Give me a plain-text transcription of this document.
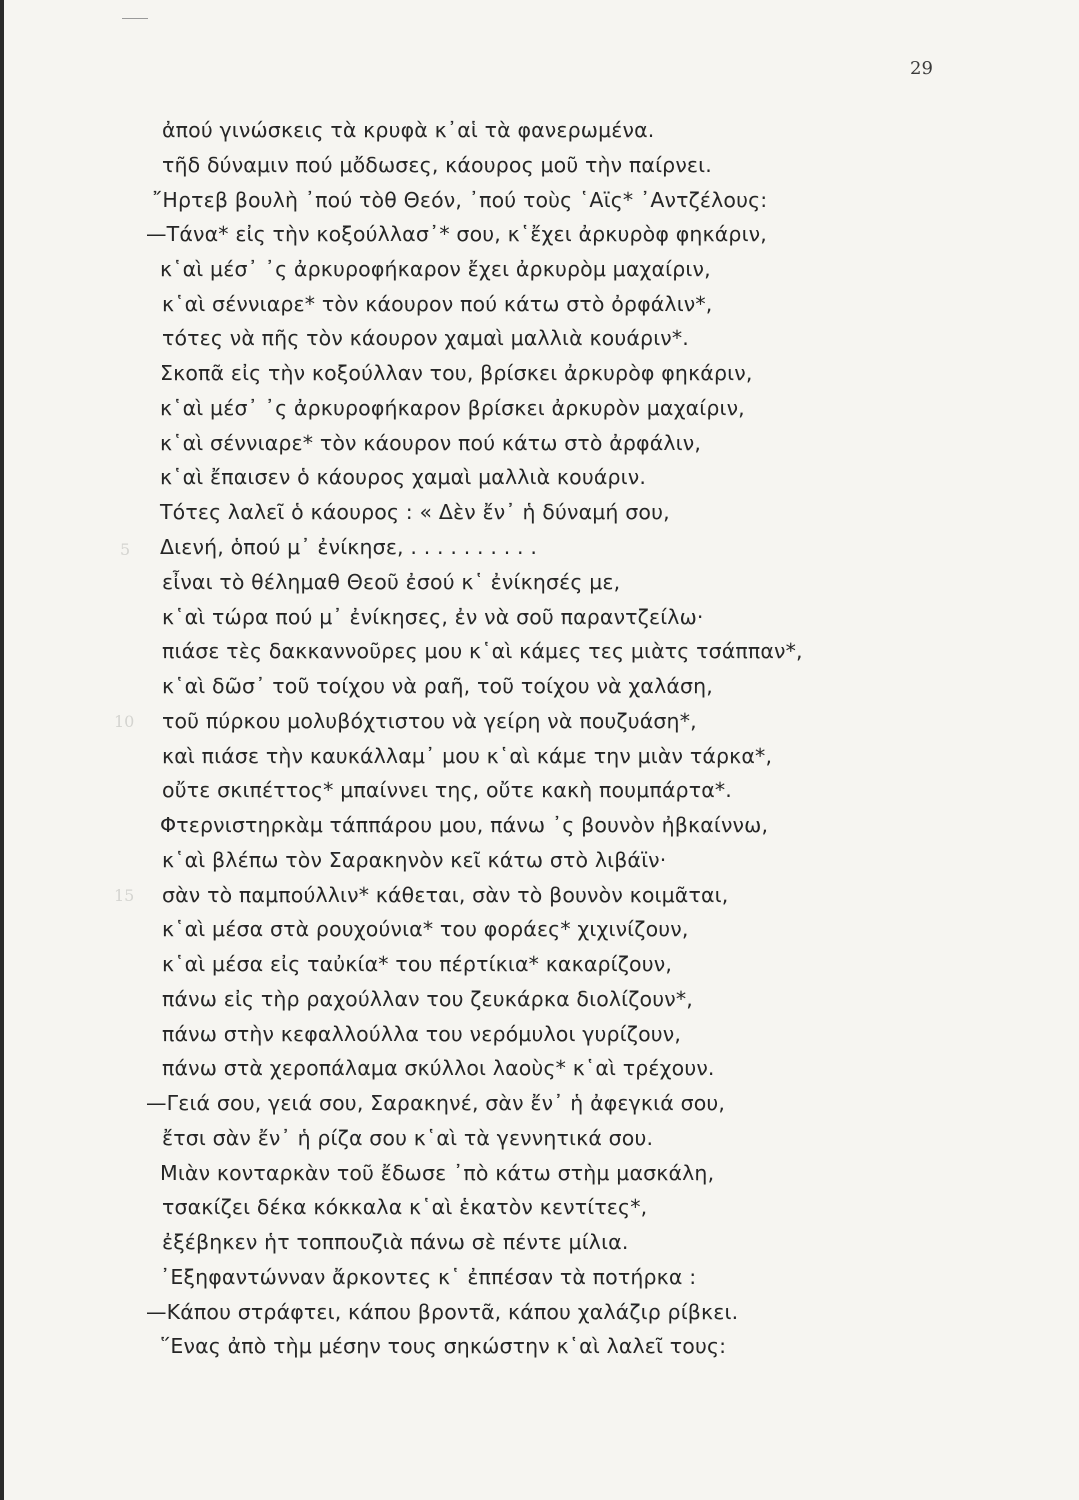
29
5
10
15
ἀπού γινώσκεις τὰ κρυφὰ κ᾽αἱ τὰ φανερωμένα.
τῆδ δύναμιν πού μὄδωσες, κάουρος μοῦ τὴν παίρνει.
῎Ηρτεβ βουλὴ ᾿πού τὸθ Θεόν, ᾿πού τοὺς ῾Αϊς* ᾿Αντζέλους:
—Τάνα* εἰς τὴν κοξούλλασ᾿* σου, κ῾ἔχει ἀρκυρὸφ φηκάριν,
κ῾αὶ μέσ᾿ ᾿ς ἀρκυροφήκαρον ἔχει ἀρκυρὸμ μαχαίριν,
κ῾αὶ σέννιαρε* τὸν κάουρον πού κάτω στὸ ὀρφάλιν*,
τότες νὰ πῆς τὸν κάουρον χαμαὶ μαλλιὰ κουάριν*.
Σκοπᾶ εἰς τὴν κοξούλλαν του, βρίσκει ἀρκυρὸφ φηκάριν,
κ῾αὶ μέσ᾿ ᾿ς ἀρκυροφήκαρον βρίσκει ἀρκυρὸν μαχαίριν,
κ῾αὶ σέννιαρε* τὸν κάουρον πού κάτω στὸ ἀρφάλιν,
κ῾αὶ ἔπαισεν ὁ κάουρος χαμαὶ μαλλιὰ κουάριν.
Τότες λαλεῖ ὁ κάουρος : « Δὲν ἔν᾿ ἡ δύναμή σου,
Διενή, ὁπού μ᾿ ἐνίκησε, . . . . . . . . . .
εἶναι τὸ θέλημαθ Θεοῦ ἐσού κ῾ ἐνίκησές με,
κ῾αὶ τώρα πού μ᾿ ἐνίκησες, ἐν νὰ σοῦ παραντζείλω·
πιάσε τὲς δακκαννοῦρες μου κ῾αὶ κάμες τες μιὰτς τσάππαν*,
κ῾αὶ δῶσ᾿ τοῦ τοίχου νὰ ραῆ, τοῦ τοίχου νὰ χαλάση,
τοῦ πύρκου μολυβόχτιστου νὰ γείρη νὰ πουζυάση*,
καὶ πιάσε τὴν καυκάλλαμ᾿ μου κ῾αὶ κάμε την μιὰν τάρκα*,
οὔτε σκιπέττος* μπαίννει της, οὔτε κακὴ πουμπάρτα*.
Φτερνιστηρκὰμ τάππάρου μου, πάνω ᾿ς βουνὸν ἠβκαίννω,
κ῾αὶ βλέπω τὸν Σαρακηνὸν κεῖ κάτω στὸ λιβάϊν·
σὰν τὸ παμπούλλιν* κάθεται, σὰν τὸ βουνὸν κοιμᾶται,
κ῾αὶ μέσα στὰ ρουχούνια* του φοράες* χιχινίζουν,
κ῾αὶ μέσα εἰς ταὐκία* του πέρτίκια* κακαρίζουν,
πάνω εἰς τὴρ ραχούλλαν του ζευκάρκα διολίζουν*,
πάνω στὴν κεφαλλούλλα του νερόμυλοι γυρίζουν,
πάνω στὰ χεροπάλαμα σκύλλοι λαοὺς* κ῾αὶ τρέχουν.
—Γειά σου, γειά σου, Σαρακηνέ, σὰν ἔν᾿ ἡ ἀφεγκιά σου,
ἔτσι σὰν ἔν᾿ ἡ ρίζα σου κ῾αὶ τὰ γεννητικά σου.
Μιὰν κονταρκὰν τοῦ ἔδωσε ᾿πὸ κάτω στὴμ μασκάλη,
τσακίζει δέκα κόκκαλα κ῾αὶ ἑκατὸν κεντίτες*,
ἐξέβηκεν ἡτ τοππουζιὰ πάνω σὲ πέντε μίλια.
᾿Εξηφαντώνναν ἄρκοντες κ῾ ἐππέσαν τὰ ποτήρκα :
—Κάπου στράφτει, κάπου βροντᾶ, κάπου χαλάζιρ ρίβκει.
῞Ενας ἀπὸ τὴμ μέσην τους σηκώστην κ῾αὶ λαλεῖ τους:
